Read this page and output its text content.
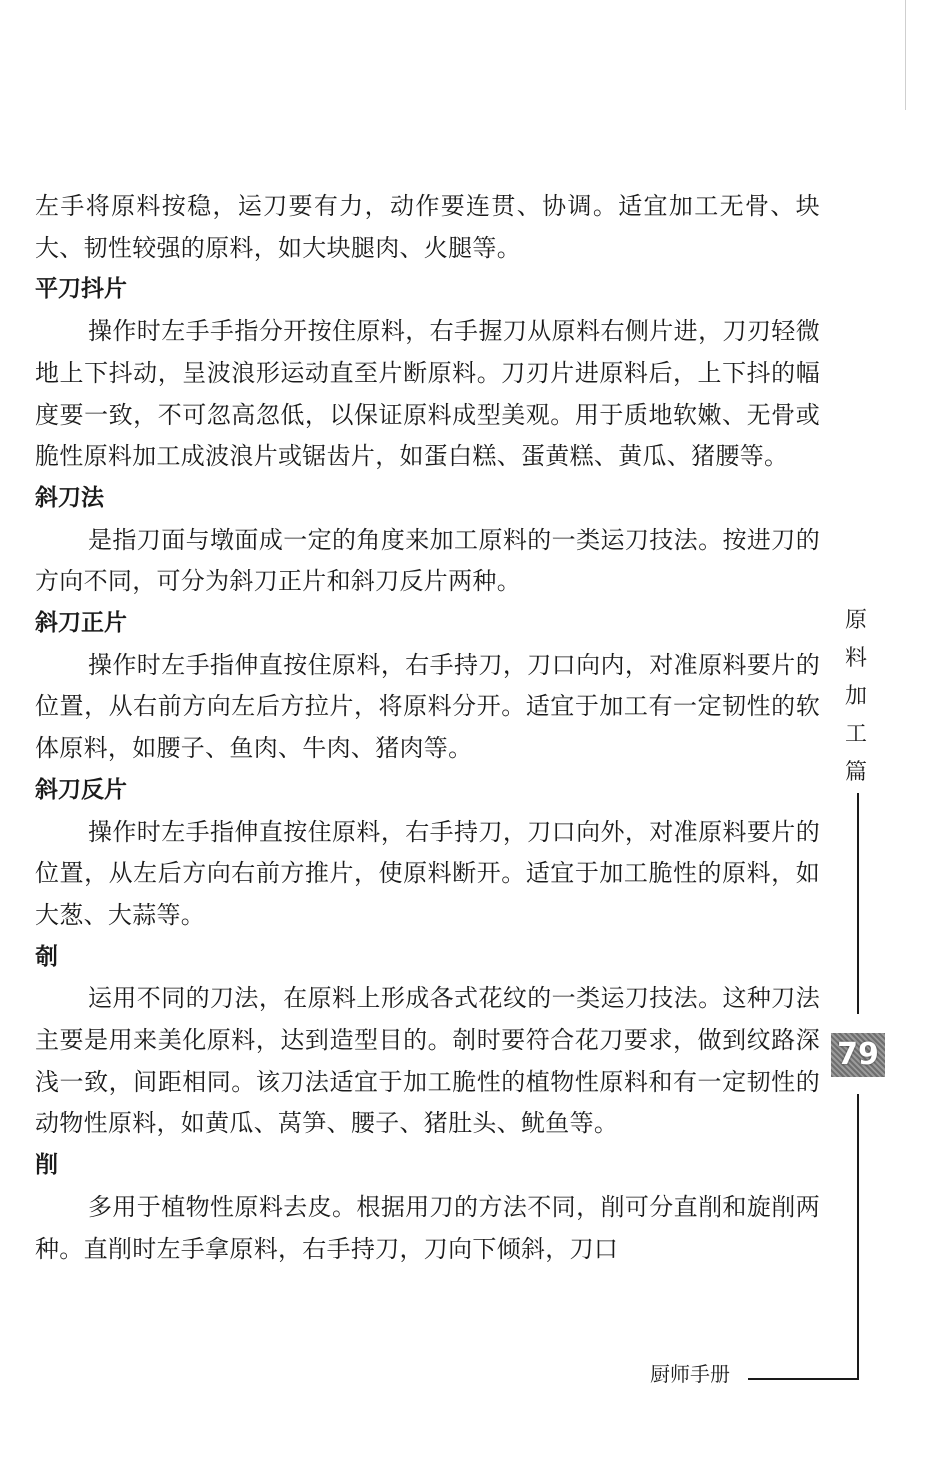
左手将原料按稳，运刀要有力，动作要连贯、协调。适宜加工无骨、块大、韧性较强的原料，如大块腿肉、火腿等。

平刀抖片

操作时左手手指分开按住原料，右手握刀从原料右侧片进，刀刃轻微地上下抖动，呈波浪形运动直至片断原料。刀刃片进原料后，上下抖的幅度要一致，不可忽高忽低，以保证原料成型美观。用于质地软嫩、无骨或脆性原料加工成波浪片或锯齿片，如蛋白糕、蛋黄糕、黄瓜、猪腰等。

斜刀法

是指刀面与墩面成一定的角度来加工原料的一类运刀技法。按进刀的方向不同，可分为斜刀正片和斜刀反片两种。

斜刀正片

操作时左手指伸直按住原料，右手持刀，刀口向内，对准原料要片的位置，从右前方向左后方拉片，将原料分开。适宜于加工有一定韧性的软体原料，如腰子、鱼肉、牛肉、猪肉等。

斜刀反片

操作时左手指伸直按住原料，右手持刀，刀口向外，对准原料要片的位置，从左后方向右前方推片，使原料断开。适宜于加工脆性的原料，如大葱、大蒜等。

剞

运用不同的刀法，在原料上形成各式花纹的一类运刀技法。这种刀法主要是用来美化原料，达到造型目的。剞时要符合花刀要求，做到纹路深浅一致，间距相同。该刀法适宜于加工脆性的植物性原料和有一定韧性的动物性原料，如黄瓜、莴笋、腰子、猪肚头、鱿鱼等。

削

多用于植物性原料去皮。根据用刀的方法不同，削可分直削和旋削两种。直削时左手拿原料，右手持刀，刀向下倾斜，刀口

原
料
加
工
篇
79
厨师手册
